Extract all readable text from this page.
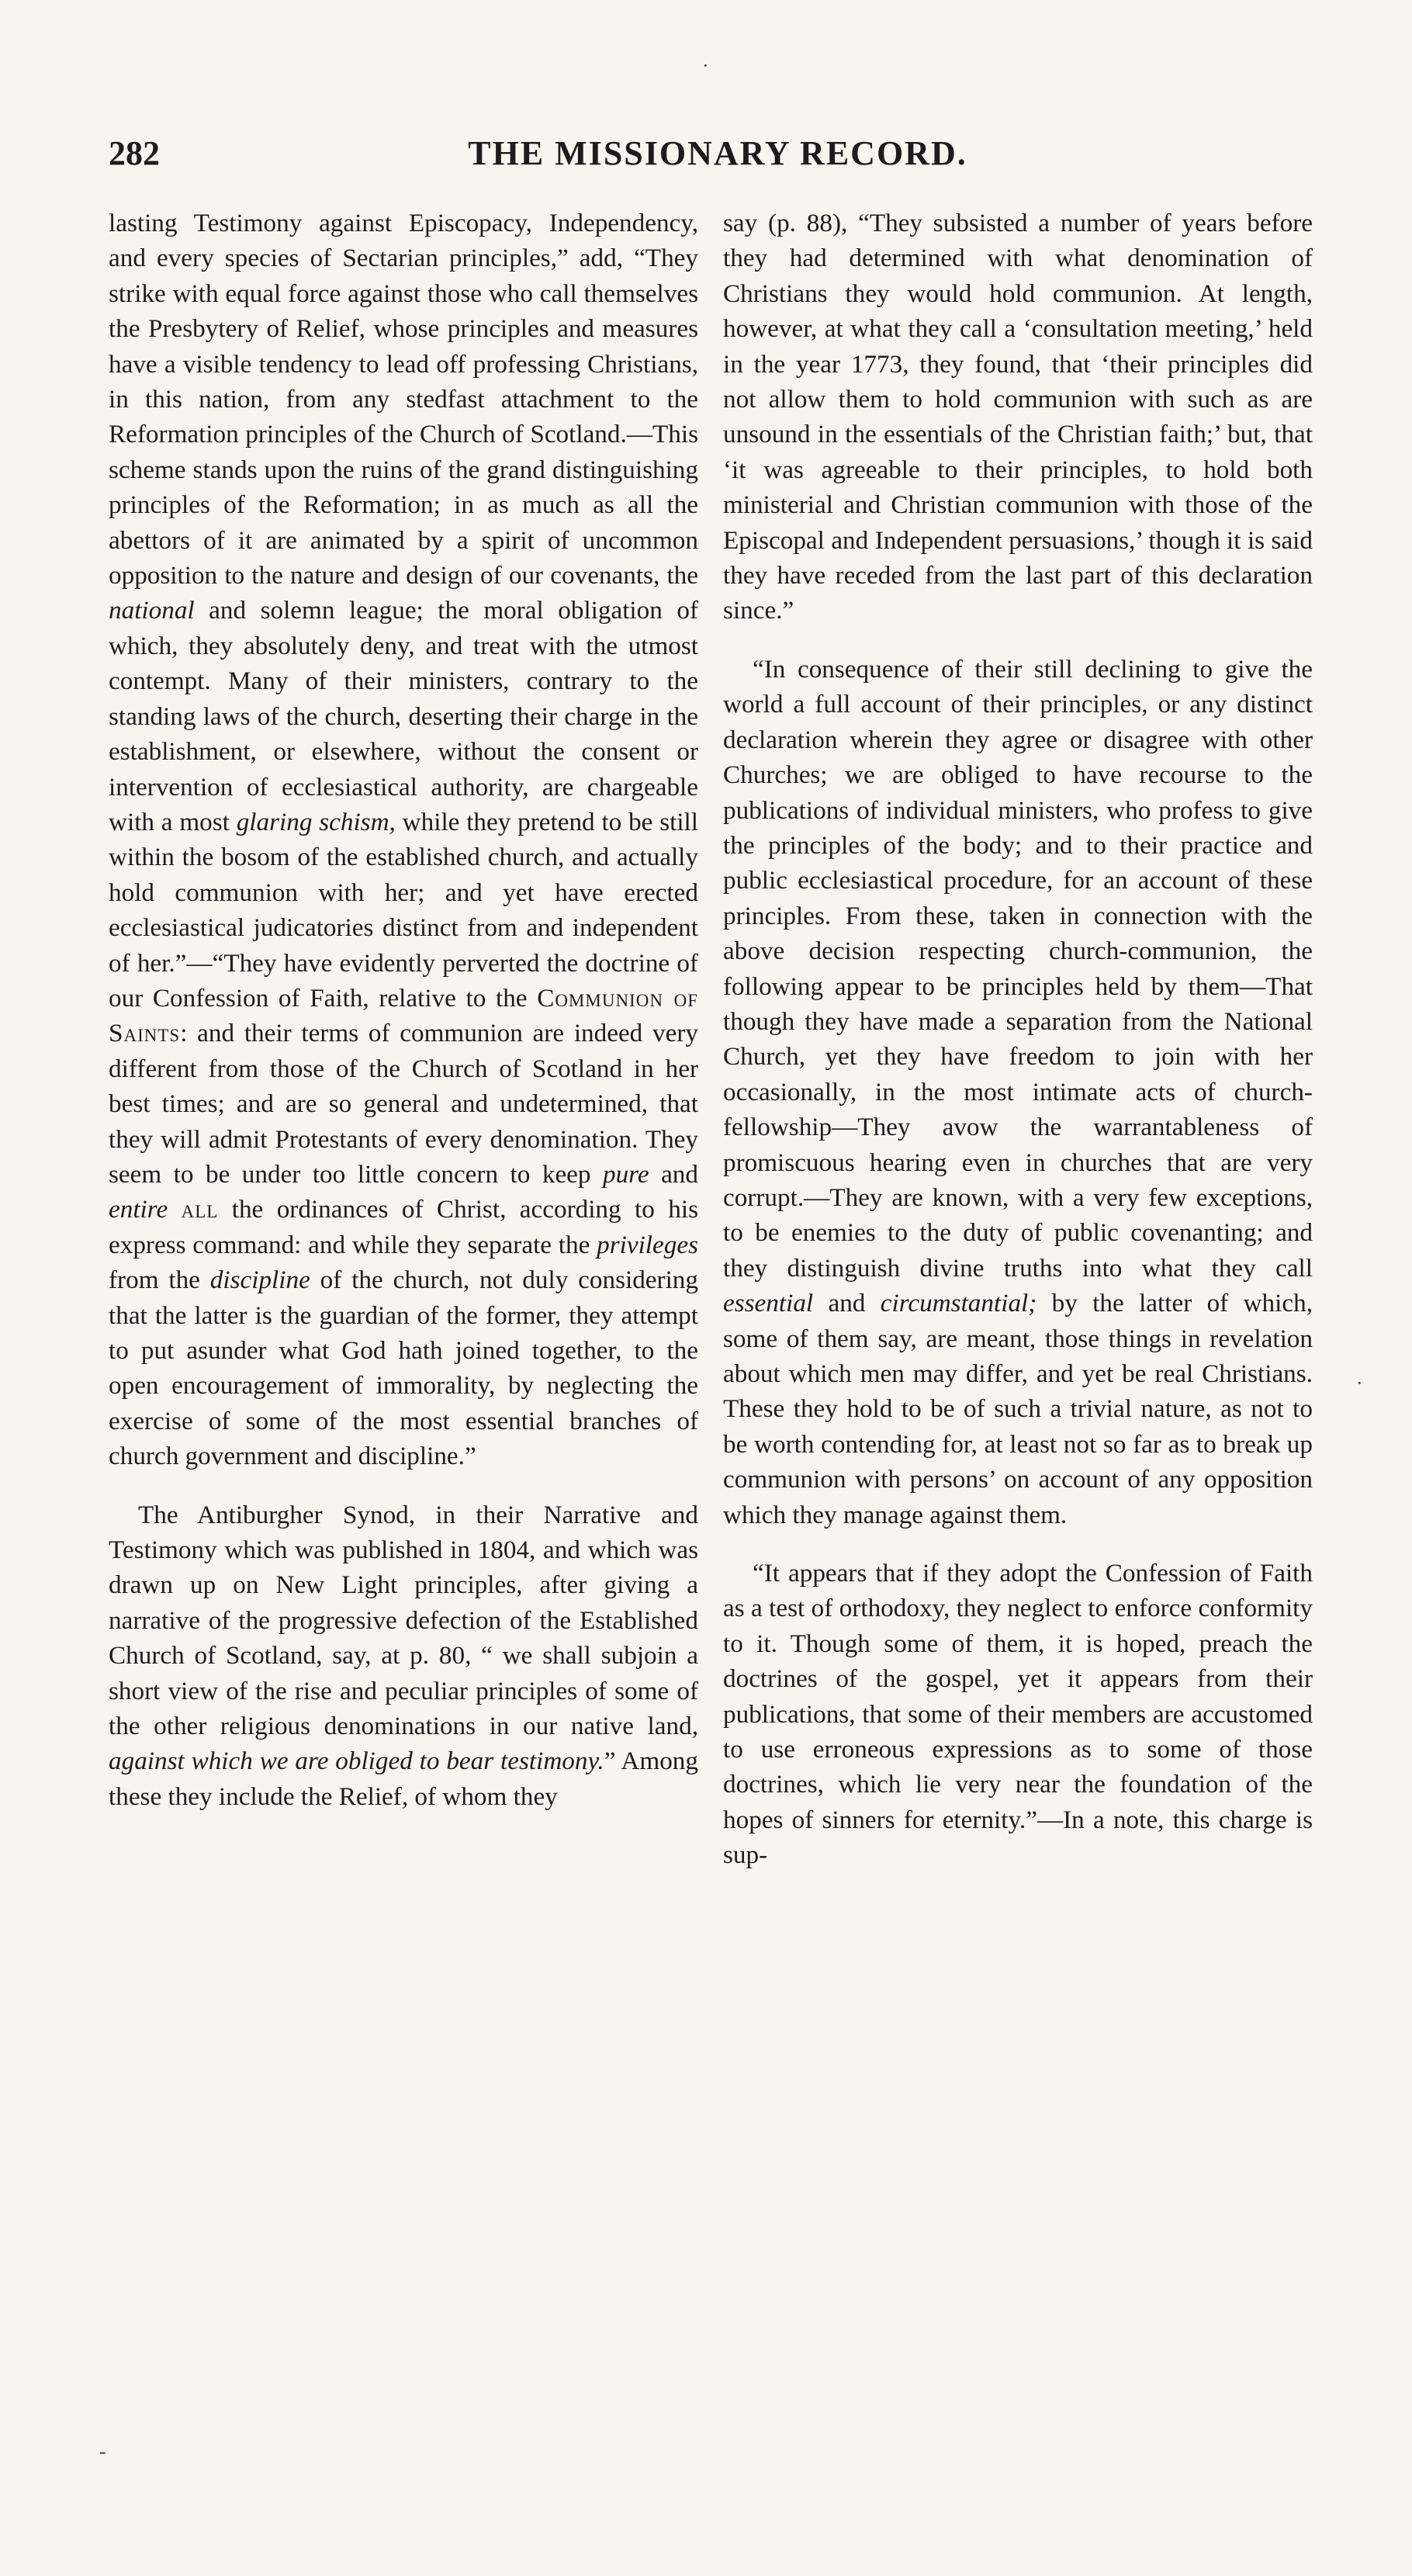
282	THE MISSIONARY RECORD.

lasting Testimony against Episcopacy, Independency, and every species of Sectarian principles,” add, “They strike with equal force against those who call themselves the Presbytery of Relief, whose principles and measures have a visible tendency to lead off professing Christians, in this nation, from any stedfast attachment to the Reformation principles of the Church of Scotland.—This scheme stands upon the ruins of the grand distinguishing principles of the Reformation; in as much as all the abettors of it are animated by a spirit of uncommon opposition to the nature and design of our covenants, the national and solemn league; the moral obligation of which, they absolutely deny, and treat with the utmost contempt. Many of their ministers, contrary to the standing laws of the church, deserting their charge in the establishment, or elsewhere, without the consent or intervention of ecclesiastical authority, are chargeable with a most glaring schism, while they pretend to be still within the bosom of the established church, and actually hold communion with her; and yet have erected ecclesiastical judicatories distinct from and independent of her.”—“They have evidently perverted the doctrine of our Confession of Faith, relative to the Communion of Saints: and their terms of communion are indeed very different from those of the Church of Scotland in her best times; and are so general and undetermined, that they will admit Protestants of every denomination. They seem to be under too little concern to keep pure and entire all the ordinances of Christ, according to his express command: and while they separate the privileges from the discipline of the church, not duly considering that the latter is the guardian of the former, they attempt to put asunder what God hath joined together, to the open encouragement of immorality, by neglecting the exercise of some of the most essential branches of church government and discipline.”

The Antiburgher Synod, in their Narrative and Testimony which was published in 1804, and which was drawn up on New Light principles, after giving a narrative of the progressive defection of the Established Church of Scotland, say, at p. 80, “ we shall subjoin a short view of the rise and peculiar principles of some of the other religious denominations in our native land, against which we are obliged to bear testimony.” Among these they include the Relief, of whom they

say (p. 88), “They subsisted a number of years before they had determined with what denomination of Christians they would hold communion. At length, however, at what they call a ‘consultation meeting,’ held in the year 1773, they found, that ‘their principles did not allow them to hold communion with such as are unsound in the essentials of the Christian faith;’ but, that ‘it was agreeable to their principles, to hold both ministerial and Christian communion with those of the Episcopal and Independent persuasions,’ though it is said they have receded from the last part of this declaration since.”

“In consequence of their still declining to give the world a full account of their principles, or any distinct declaration wherein they agree or disagree with other Churches; we are obliged to have recourse to the publications of individual ministers, who profess to give the principles of the body; and to their practice and public ecclesiastical procedure, for an account of these principles. From these, taken in connection with the above decision respecting church-communion, the following appear to be principles held by them—That though they have made a separation from the National Church, yet they have freedom to join with her occasionally, in the most intimate acts of church-fellowship—They avow the warrantableness of promiscuous hearing even in churches that are very corrupt.—They are known, with a very few exceptions, to be enemies to the duty of public covenanting; and they distinguish divine truths into what they call essential and circumstantial; by the latter of which, some of them say, are meant, those things in revelation about which men may differ, and yet be real Christians. These they hold to be of such a trivial nature, as not to be worth contending for, at least not so far as to break up communion with persons’ on account of any opposition which they manage against them.

“It appears that if they adopt the Confession of Faith as a test of orthodoxy, they neglect to enforce conformity to it. Though some of them, it is hoped, preach the doctrines of the gospel, yet it appears from their publications, that some of their members are accustomed to use erroneous expressions as to some of those doctrines, which lie very near the foundation of the hopes of sinners for eternity.”—In a note, this charge is sup-

·
·
-
